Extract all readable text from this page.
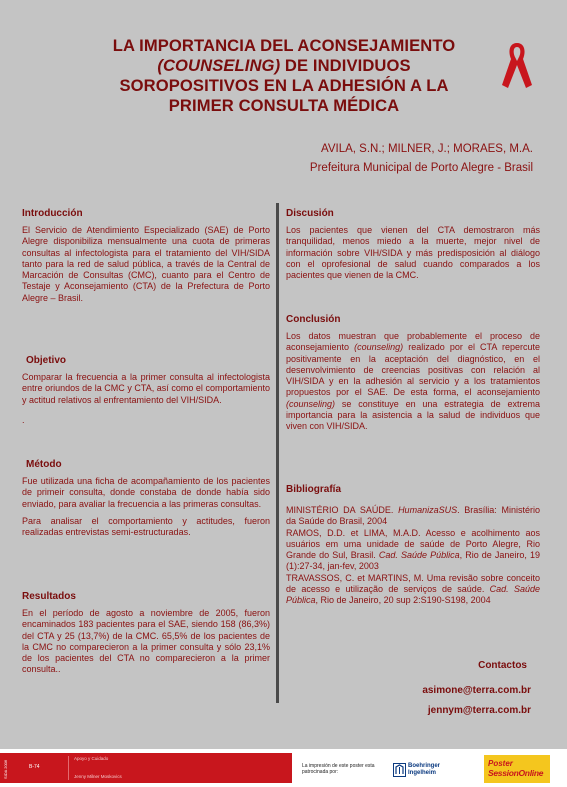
LA IMPORTANCIA DEL ACONSEJAMIENTO
(COUNSELING) DE INDIVIDUOS
SOROPOSITIVOS EN LA ADHESIÓN A LA
PRIMER CONSULTA MÉDICA
AVILA, S.N.; MILNER, J.; MORAES, M.A.
Prefeitura Municipal de Porto Alegre - Brasil
Introducción

El Servicio de Atendimiento Especializado (SAE) de Porto Alegre disponibiliza mensualmente una cuota de primeras consultas al infectologista para el tratamiento del VIH/SIDA tanto para la red de salud pública, a través de la Central de Marcación de Consultas (CMC), cuanto para el Centro de Testaje y Aconsejamiento (CTA) de la Prefectura de Porto Alegre – Brasil.

Objetivo

Comparar la frecuencia a la primer consulta al infectologista entre oriundos de la CMC y CTA, así como el comportamiento y actitud relativos al enfrentamiento del VIH/SIDA.

.

Método

Fue utilizada una ficha de acompañamiento de los pacientes de primeir consulta, donde constaba de donde había sido enviado, para avaliar la frecuencia a las primeras consultas.

Para analisar el comportamiento y actitudes, fueron realizadas entrevistas semi-estructuradas.

Resultados

En el período de agosto a noviembre de 2005, fueron encaminados 183 pacientes para el SAE, siendo 158 (86,3%) del CTA y 25 (13,7%) de la CMC. 65,5% de los pacientes de la CMC no comparecieron a la primer consulta y sólo 23,1% de los pacientes del CTA no comparecieron a la primer consulta..

Discusión

Los pacientes que vienen del CTA demostraron más tranquilidad, menos miedo a la muerte, mejor nivel de información sobre VIH/SIDA y más predisposición al diálogo con el oprofesional de salud cuando comparados a los pacientes que vienen de la CMC.

Conclusión

Los datos muestran que probablemente el proceso de aconsejamiento (counseling) realizado por el CTA repercute positivamente en la aceptación del diagnóstico, en el desenvolvimiento de creencias positivas con relación al VIH/SIDA y en la adhesión al servicio y a los tratamientos propuestos por el SAE. De esta forma, el aconsejamiento (counseling) se constituye en una estrategia de extrema importancia para la asistencia a la salud de individuos que viven con VIH/SIDA.

Bibliografía

MINISTÉRIO DA SAÚDE. HumanizaSUS. Brasília: Ministério da Saúde do Brasil, 2004

RAMOS, D.D. et LIMA, M.A.D. Acesso e acolhimento aos usuários em uma unidade de saúde de Porto Alegre, Rio Grande do Sul, Brasil. Cad. Saúde Pública, Rio de Janeiro, 19 (1):27-34, jan-fev, 2003

TRAVASSOS, C. et MARTINS, M. Uma revisão sobre conceito de acesso e utilização de serviços de saúde. Cad. Saúde Pública, Rio de Janeiro, 20 sup 2:S190-S198, 2004

Contactos
asimone@terra.com.br
jennym@terra.com.br
SIDA 2006	B-74
Apoyo y Cuidado
Jenny Milner Moskovics
La impresión de este poster esta patrocinada por:
Boehringer
Ingelheim
Poster
SessionOnline
